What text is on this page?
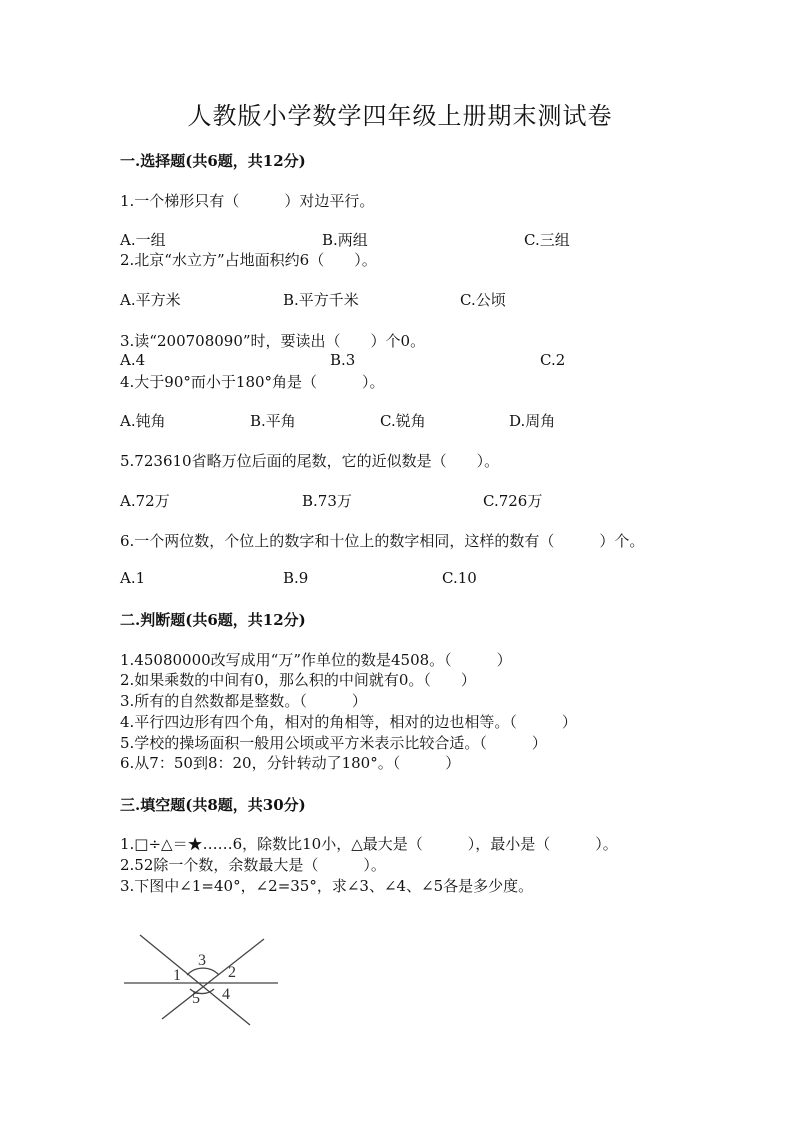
人教版小学数学四年级上册期末测试卷
一.选择题(共6题，共12分)
1.一个梯形只有（　　　）对边平行。
A.一组	B.两组	C.三组
2.北京“水立方”占地面积约6（　　）。
A.平方米	B.平方千米	C.公顷
3.读“200708090”时，要读出（　　）个0。
A.4	B.3	C.2
4.大于90°而小于180°角是（　　　）。
A.钝角	B.平角	C.锐角	D.周角
5.723610省略万位后面的尾数，它的近似数是（　　）。
A.72万	B.73万	C.726万
6.一个两位数，个位上的数字和十位上的数字相同，这样的数有（　　　）个。
A.1	B.9	C.10
二.判断题(共6题，共12分)
1.45080000改写成用“万”作单位的数是4508。（　　　）
2.如果乘数的中间有0，那么积的中间就有0。（　　）
3.所有的自然数都是整数。（　　　）
4.平行四边形有四个角，相对的角相等，相对的边也相等。（　　　）
5.学校的操场面积一般用公顷或平方米表示比较合适。（　　　）
6.从7：50到8：20，分针转动了180°。（　　　）
三.填空题(共8题，共30分)
1.□÷△＝★……6，除数比10小，△最大是（　　　），最小是（　　　）。
2.52除一个数，余数最大是（　　　）。
3.下图中∠1=40°，∠2=35°，求∠3、∠4、∠5各是多少度。
1	2
3
4
5
